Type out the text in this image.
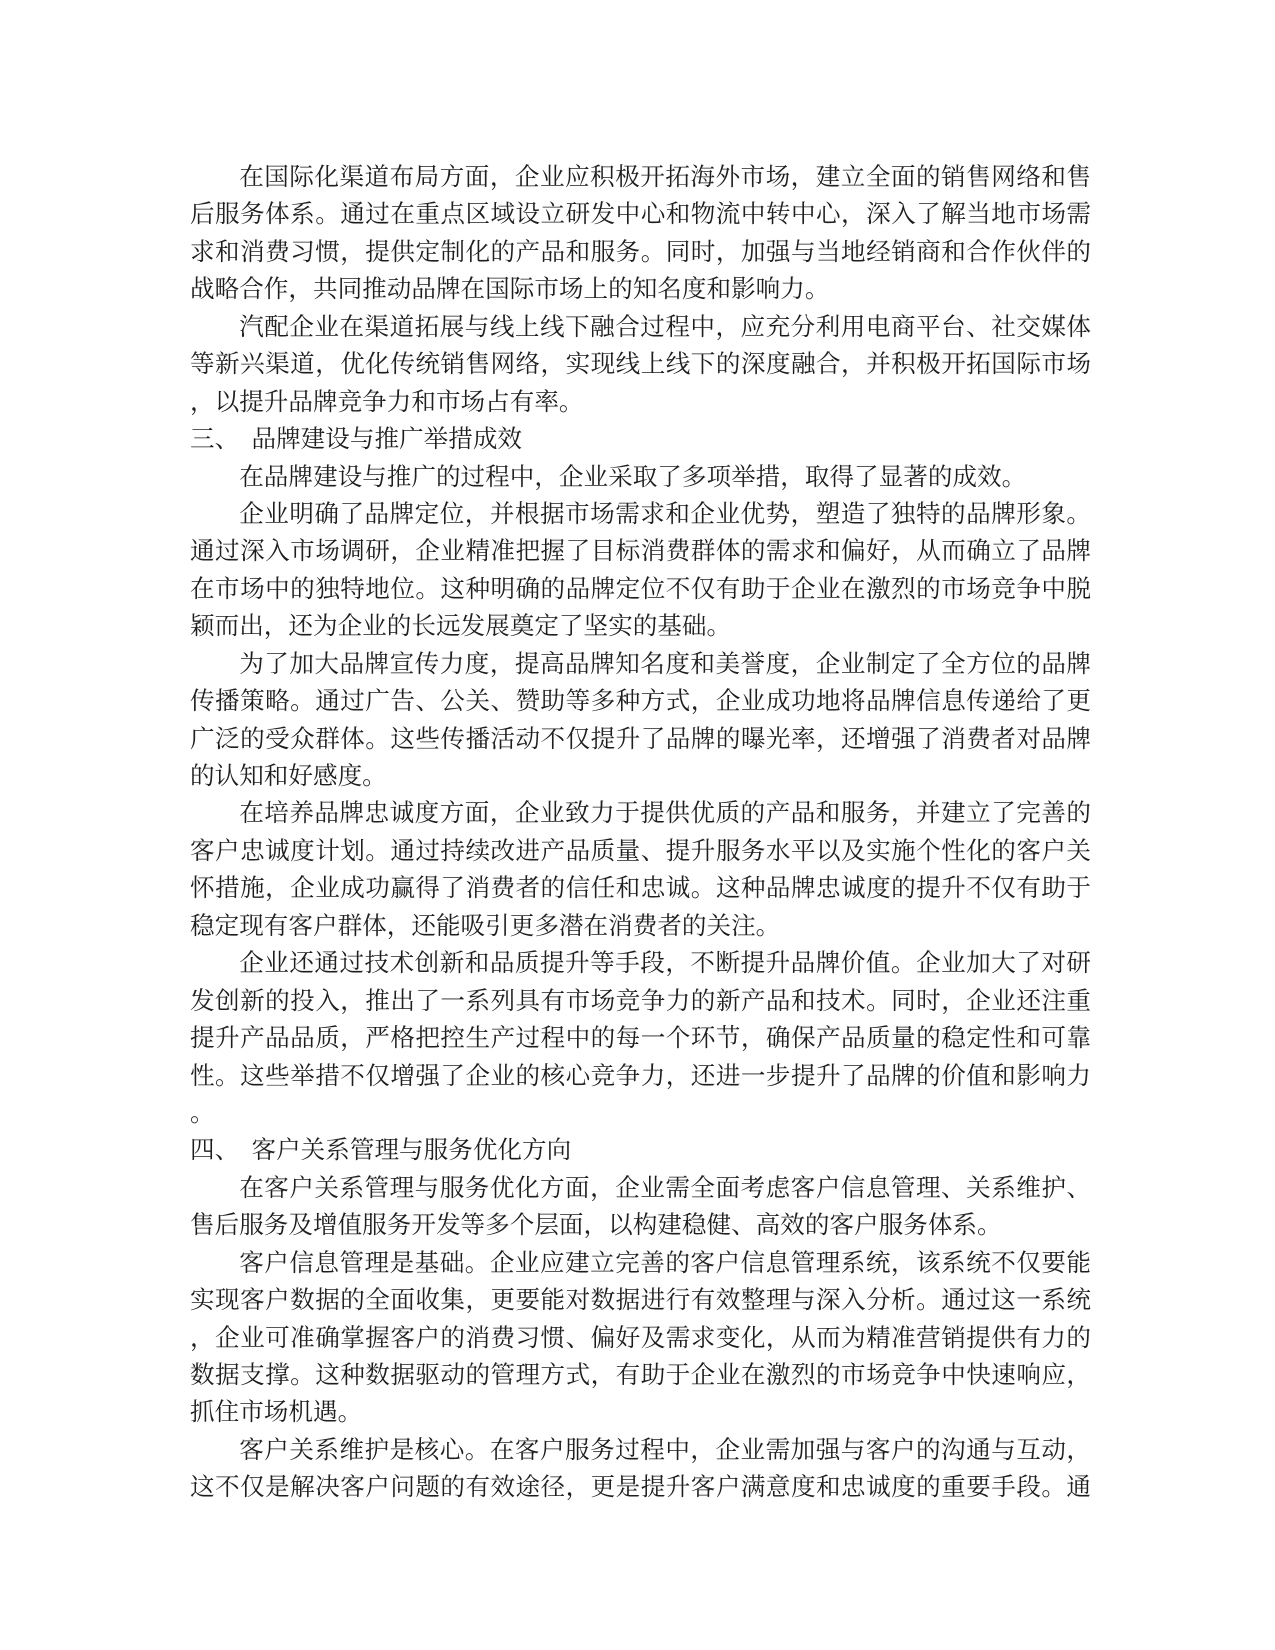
在国际化渠道布局方面，企业应积极开拓海外市场，建立全面的销售网络和售
后服务体系。通过在重点区域设立研发中心和物流中转中心，深入了解当地市场需
求和消费习惯，提供定制化的产品和服务。同时，加强与当地经销商和合作伙伴的
战略合作，共同推动品牌在国际市场上的知名度和影响力。
汽配企业在渠道拓展与线上线下融合过程中，应充分利用电商平台、社交媒体
等新兴渠道，优化传统销售网络，实现线上线下的深度融合，并积极开拓国际市场
，以提升品牌竞争力和市场占有率。
三、　品牌建设与推广举措成效
在品牌建设与推广的过程中，企业采取了多项举措，取得了显著的成效。
企业明确了品牌定位，并根据市场需求和企业优势，塑造了独特的品牌形象。
通过深入市场调研，企业精准把握了目标消费群体的需求和偏好，从而确立了品牌
在市场中的独特地位。这种明确的品牌定位不仅有助于企业在激烈的市场竞争中脱
颖而出，还为企业的长远发展奠定了坚实的基础。
为了加大品牌宣传力度，提高品牌知名度和美誉度，企业制定了全方位的品牌
传播策略。通过广告、公关、赞助等多种方式，企业成功地将品牌信息传递给了更
广泛的受众群体。这些传播活动不仅提升了品牌的曝光率，还增强了消费者对品牌
的认知和好感度。
在培养品牌忠诚度方面，企业致力于提供优质的产品和服务，并建立了完善的
客户忠诚度计划。通过持续改进产品质量、提升服务水平以及实施个性化的客户关
怀措施，企业成功赢得了消费者的信任和忠诚。这种品牌忠诚度的提升不仅有助于
稳定现有客户群体，还能吸引更多潜在消费者的关注。
企业还通过技术创新和品质提升等手段，不断提升品牌价值。企业加大了对研
发创新的投入，推出了一系列具有市场竞争力的新产品和技术。同时，企业还注重
提升产品品质，严格把控生产过程中的每一个环节，确保产品质量的稳定性和可靠
性。这些举措不仅增强了企业的核心竞争力，还进一步提升了品牌的价值和影响力
。
四、　客户关系管理与服务优化方向
在客户关系管理与服务优化方面，企业需全面考虑客户信息管理、关系维护、
售后服务及增值服务开发等多个层面，以构建稳健、高效的客户服务体系。
客户信息管理是基础。企业应建立完善的客户信息管理系统，该系统不仅要能
实现客户数据的全面收集，更要能对数据进行有效整理与深入分析。通过这一系统
，企业可准确掌握客户的消费习惯、偏好及需求变化，从而为精准营销提供有力的
数据支撑。这种数据驱动的管理方式，有助于企业在激烈的市场竞争中快速响应，
抓住市场机遇。
客户关系维护是核心。在客户服务过程中，企业需加强与客户的沟通与互动，
这不仅是解决客户问题的有效途径，更是提升客户满意度和忠诚度的重要手段。通
